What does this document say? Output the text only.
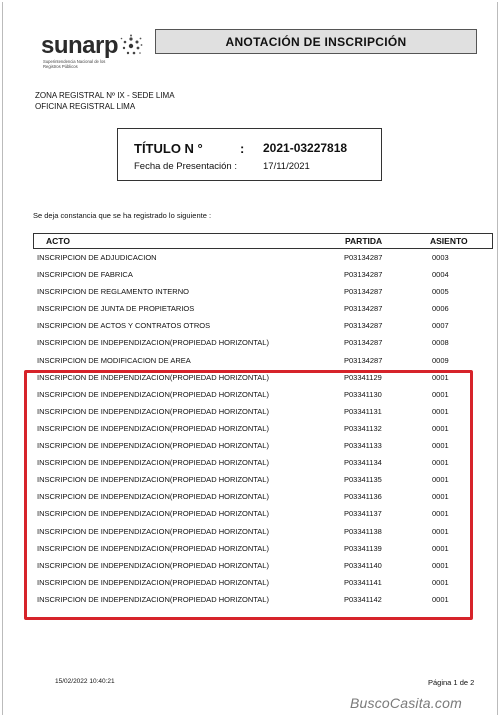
sunarp
Superintendencia Nacional de los Registros Públicos
ANOTACIÓN DE INSCRIPCIÓN
ZONA REGISTRAL Nº IX - SEDE LIMA
OFICINA REGISTRAL LIMA
TÍTULO N °	: 2021-03227818
Fecha de Presentación :	17/11/2021
Se deja constancia que se ha registrado lo siguiente :
ACTO	PARTIDA	ASIENTO
INSCRIPCION DE ADJUDICACION	P03134287	0003
INSCRIPCION DE FABRICA	P03134287	0004
INSCRIPCION DE REGLAMENTO INTERNO	P03134287	0005
INSCRIPCION DE JUNTA DE PROPIETARIOS	P03134287	0006
INSCRIPCION DE ACTOS Y CONTRATOS OTROS	P03134287	0007
INSCRIPCION DE INDEPENDIZACION(PROPIEDAD HORIZONTAL)	P03134287	0008
INSCRIPCION DE MODIFICACION DE AREA	P03134287	0009
INSCRIPCION DE INDEPENDIZACION(PROPIEDAD HORIZONTAL)	P03341129	0001
INSCRIPCION DE INDEPENDIZACION(PROPIEDAD HORIZONTAL)	P03341130	0001
INSCRIPCION DE INDEPENDIZACION(PROPIEDAD HORIZONTAL)	P03341131	0001
INSCRIPCION DE INDEPENDIZACION(PROPIEDAD HORIZONTAL)	P03341132	0001
INSCRIPCION DE INDEPENDIZACION(PROPIEDAD HORIZONTAL)	P03341133	0001
INSCRIPCION DE INDEPENDIZACION(PROPIEDAD HORIZONTAL)	P03341134	0001
INSCRIPCION DE INDEPENDIZACION(PROPIEDAD HORIZONTAL)	P03341135	0001
INSCRIPCION DE INDEPENDIZACION(PROPIEDAD HORIZONTAL)	P03341136	0001
INSCRIPCION DE INDEPENDIZACION(PROPIEDAD HORIZONTAL)	P03341137	0001
INSCRIPCION DE INDEPENDIZACION(PROPIEDAD HORIZONTAL)	P03341138	0001
INSCRIPCION DE INDEPENDIZACION(PROPIEDAD HORIZONTAL)	P03341139	0001
INSCRIPCION DE INDEPENDIZACION(PROPIEDAD HORIZONTAL)	P03341140	0001
INSCRIPCION DE INDEPENDIZACION(PROPIEDAD HORIZONTAL)	P03341141	0001
INSCRIPCION DE INDEPENDIZACION(PROPIEDAD HORIZONTAL)	P03341142	0001
15/02/2022 10:40:21	Página 1 de 2
BuscoCasita.com
